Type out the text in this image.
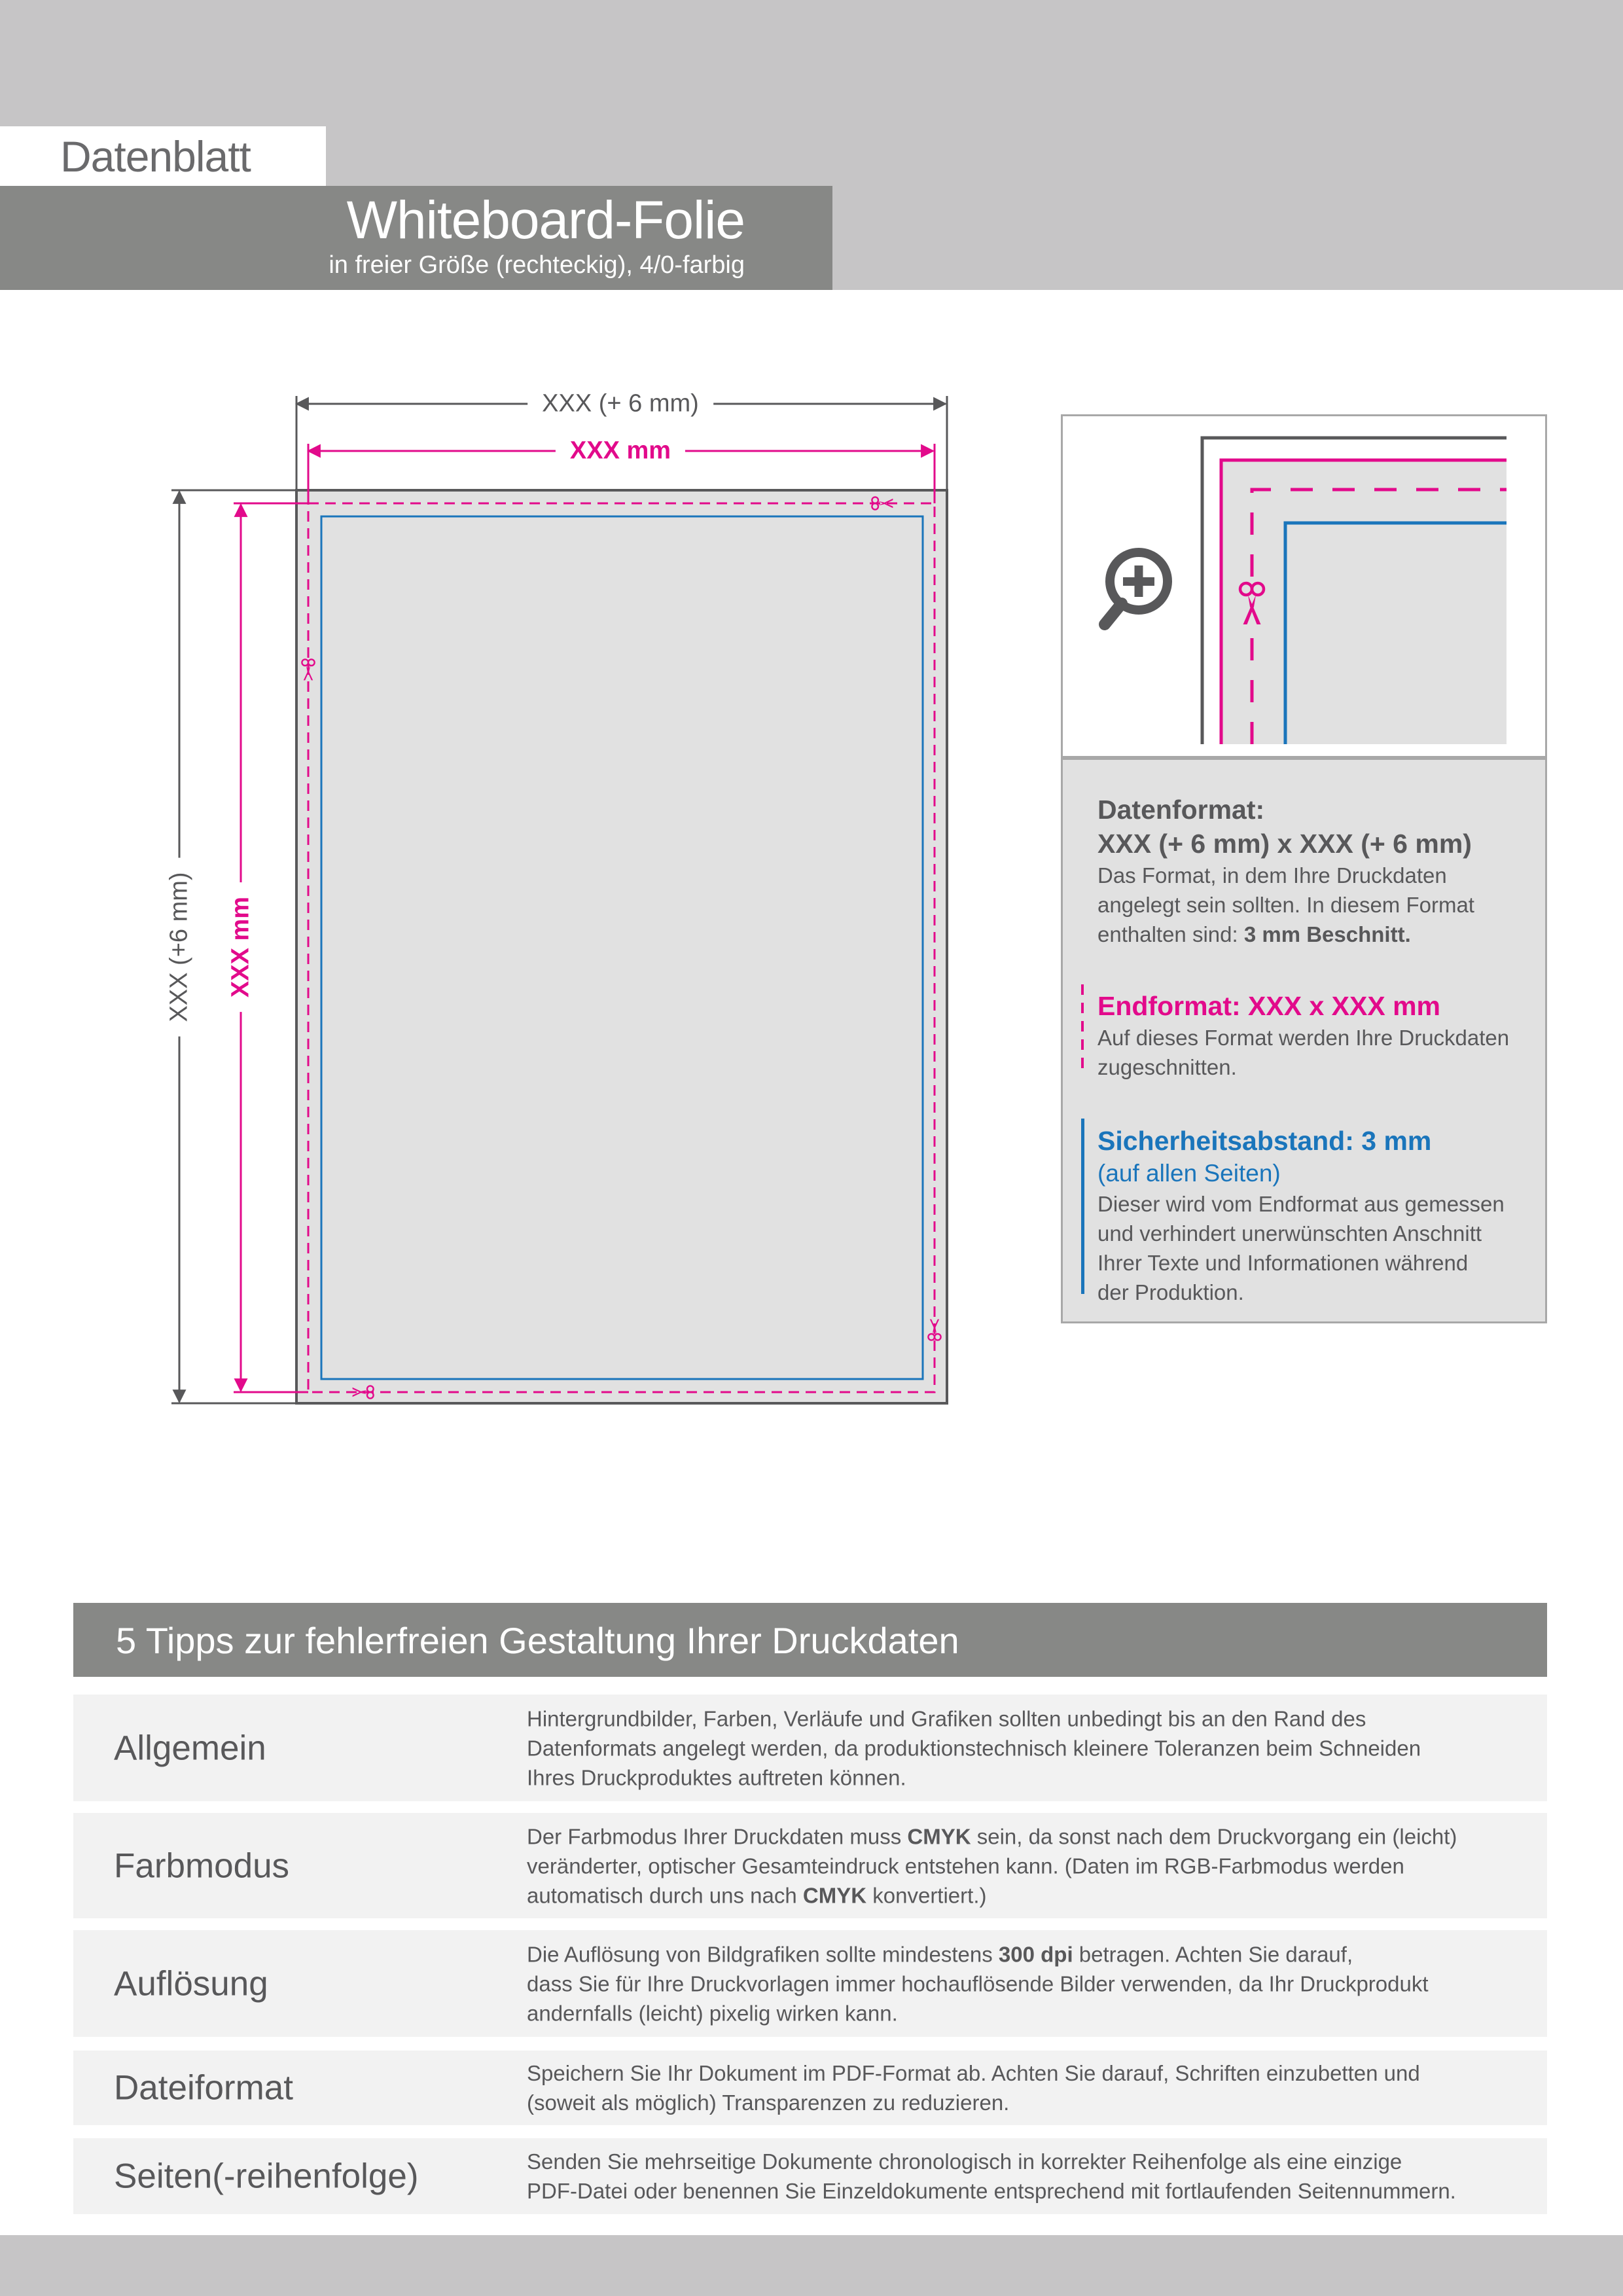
Datenblatt
Whiteboard-Folie
in freier Größe (rechteckig), 4/0-farbig
XXX (+ 6 mm)
XXX mm
XXX (+6 mm) XXX mm
Datenformat:
XXX (+ 6 mm) x XXX (+ 6 mm)
Das Format, in dem Ihre Druckdaten
angelegt sein sollten. In diesem Format
enthalten sind: 3 mm Beschnitt.
Endformat: XXX x XXX mm
Auf dieses Format werden Ihre Druckdaten
zugeschnitten.
Sicherheitsabstand: 3 mm
(auf allen Seiten)
Dieser wird vom Endformat aus gemessen
und verhindert unerwünschten Anschnitt
Ihrer Texte und Informationen während
der Produktion.
5 Tipps zur fehlerfreien Gestaltung Ihrer Druckdaten
Allgemein
Hintergrundbilder, Farben, Verläufe und Grafiken sollten unbedingt bis an den Rand des
Datenformats angelegt werden, da produktionstechnisch kleinere Toleranzen beim Schneiden
Ihres Druckproduktes auftreten können.
Farbmodus
Der Farbmodus Ihrer Druckdaten muss CMYK sein, da sonst nach dem Druckvorgang ein (leicht)
veränderter, optischer Gesamteindruck entstehen kann. (Daten im RGB-Farbmodus werden
automatisch durch uns nach CMYK konvertiert.)
Auflösung
Die Auflösung von Bildgrafiken sollte mindestens 300 dpi betragen. Achten Sie darauf,
dass Sie für Ihre Druckvorlagen immer hochauflösende Bilder verwenden, da Ihr Druckprodukt
andernfalls (leicht) pixelig wirken kann.
Dateiformat	Speichern Sie Ihr Dokument im PDF-Format ab. Achten Sie darauf, Schriften einzubetten und
(soweit als möglich) Transparenzen zu reduzieren.
Seiten(-reihenfolge)	Senden Sie mehrseitige Dokumente chronologisch in korrekter Reihenfolge als eine einzige
PDF-Datei oder benennen Sie Einzeldokumente entsprechend mit fortlaufenden Seitennummern.
